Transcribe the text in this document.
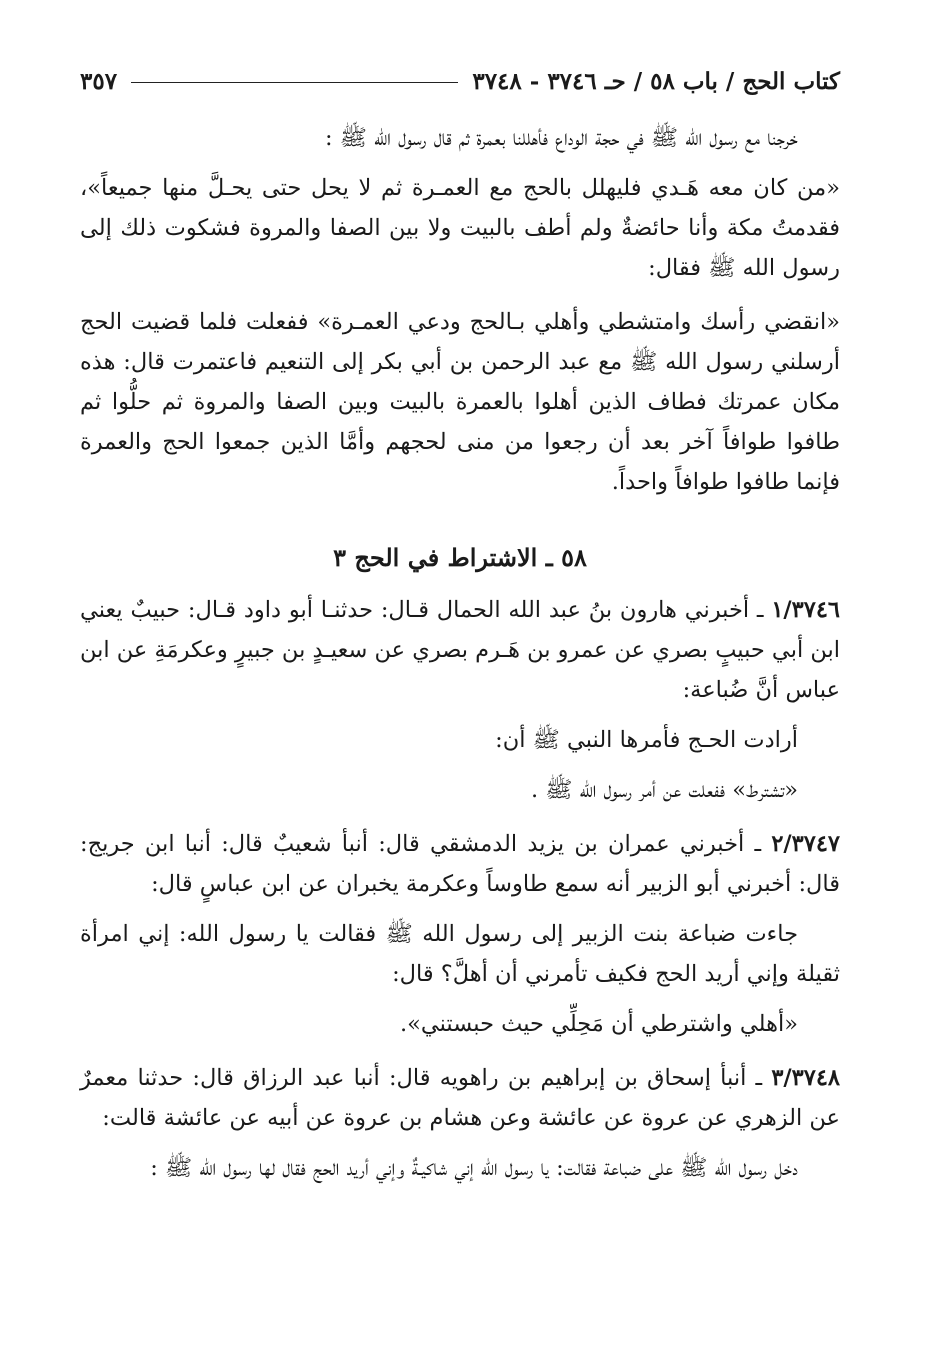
كتاب الحج / باب ٥٨ / حـ ٣٧٤٦ - ٣٧٤٨
٣٥٧

خرجنا مع رسول الله ﷺ في حجة الوداع فأهللنا بعمرة ثم قال رسول الله ﷺ :

«من كان معه هَـدي فليهلل بالحج مع العمـرة ثم لا يحل حتى يحـلَّ منها جميعاً»، فقدمتُ مكة وأنا حائضةٌ ولم أطف بالبيت ولا بين الصفا والمروة فشكوت ذلك إلى رسول الله ﷺ فقال:

«انقضي رأسك وامتشطي وأهلي بـالحج ودعي العمـرة» ففعلت فلما قضيت الحج أرسلني رسول الله ﷺ مع عبد الرحمن بن أبي بكر إلى التنعيم فاعتمرت قال: هذه مكان عمرتك فطاف الذين أهلوا بالعمرة بالبيت وبين الصفا والمروة ثم حلُّوا ثم طافوا طوافاً آخر بعد أن رجعوا من منى لحجهم وأمَّا الذين جمعوا الحج والعمرة فإنما طافوا طوافاً واحداً.

٥٨ ـ الاشتراط في الحج ٣

١/٣٧٤٦ ـ أخبرني هارون بنُ عبد الله الحمال قـال: حدثنـا أبو داود قـال: حبيبٌ يعني ابن أبي حبيبٍ بصري عن عمرو بن هَـرم بصري عن سعيـدٍ بن جبيرٍ وعكرمَةِ عن ابن عباس أنَّ ضُباعة:

أرادت الحـج فأمرها النبي ﷺ أن:

«تشترط» ففعلت عن أمر رسول الله ﷺ .

٢/٣٧٤٧ ـ أخبرني عمران بن يزيد الدمشقي قال: أنبأ شعيبٌ قال: أنبا ابن جريج: قال: أخبرني أبو الزبير أنه سمع طاوساً وعكرمة يخبران عن ابن عباسٍ قال:

جاءت ضباعة بنت الزبير إلى رسول الله ﷺ فقالت يا رسول الله: إني امرأة ثقيلة وإني أريد الحج فكيف تأمرني أن أهلَّ؟ قال:

«أهلي واشترطي أن مَحِلِّي حيث حبستني».

٣/٣٧٤٨ ـ أنبأ إسحاق بن إبراهيم بن راهويه قال: أنبا عبد الرزاق قال: حدثنا معمرٌ عن الزهري عن عروة عن عائشة وعن هشام بن عروة عن أبيه عن عائشة قالت:

دخل رسول الله ﷺ على ضباعة فقالت: يا رسول الله إني شاكيـةٌ وإني أريد الحج فقال لها رسول الله ﷺ :
